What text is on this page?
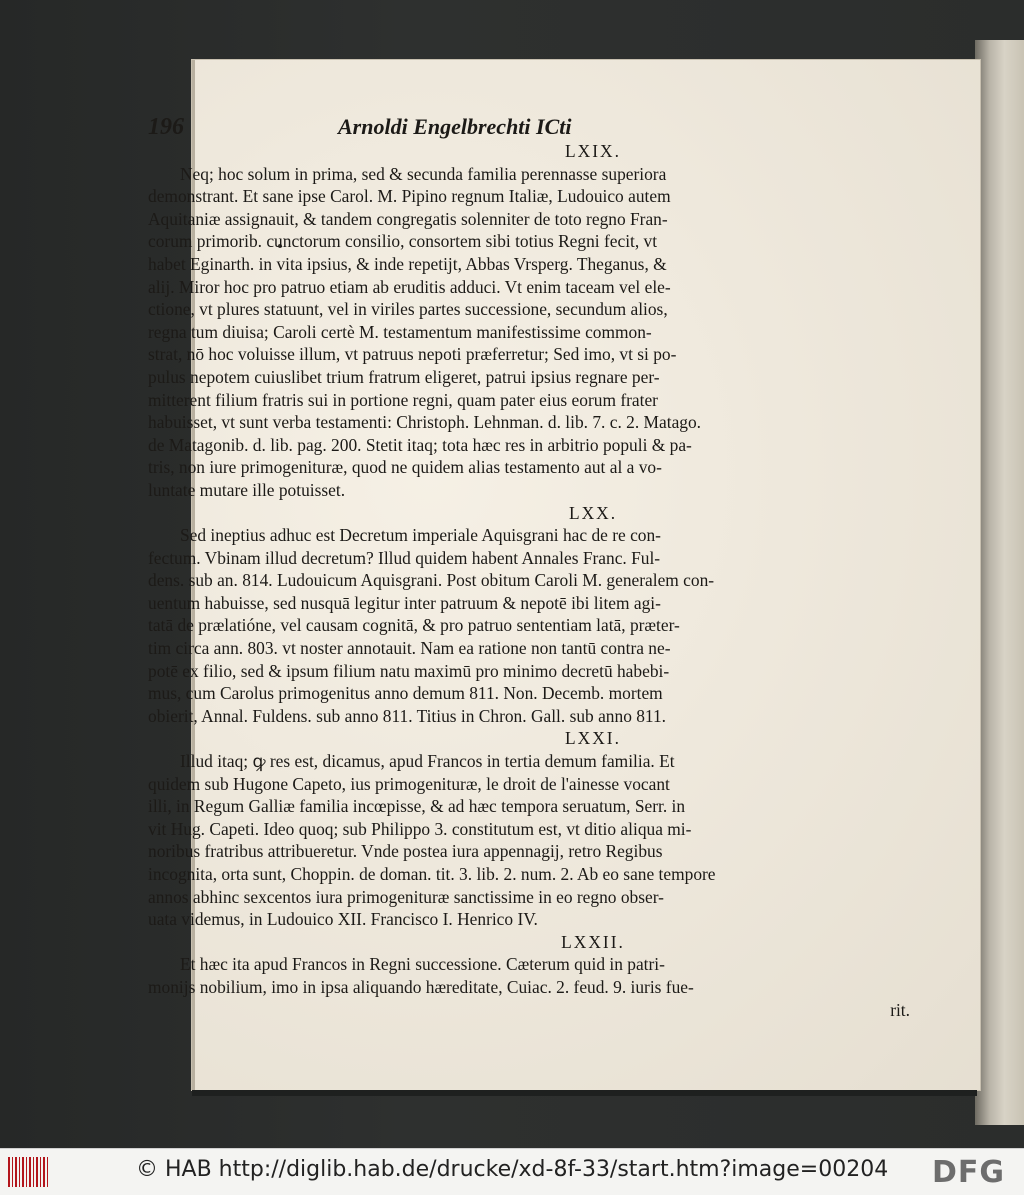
196	Arnoldi Engelbrechti ICti
LXIX.
Neq; hoc solum in prima, sed & secunda familia perennasse superiora
demonstrant. Et sane ipse Carol. M. Pipino regnum Italiæ, Ludouico autem
Aquitaniæ assignauit, & tandem congregatis solenniter de toto regno Fran-
corum primorib. cunctorum consilio, consortem sibi totius Regni fecit, vt
habet Eginarth. in vita ipsius, & inde repetijt, Abbas Vrsperg. Theganus, &
alij. Miror hoc pro patruo etiam ab eruditis adduci. Vt enim taceam vel ele-
ctione, vt plures statuunt, vel in viriles partes successione, secundum alios,
regna tum diuisa; Caroli certè M. testamentum manifestissime common-
strat, nō hoc voluisse illum, vt patruus nepoti præferretur; Sed imo, vt si po-
pulus nepotem cuiuslibet trium fratrum eligeret, patrui ipsius regnare per-
mitterent filium fratris sui in portione regni, quam pater eius eorum frater
habuisset, vt sunt verba testamenti: Christoph. Lehnman. d. lib. 7. c. 2. Matago.
de Matagonib. d. lib. pag. 200. Stetit itaq; tota hæc res in arbitrio populi & pa-
tris, non iure primogenituræ, quod ne quidem alias testamento aut al a vo-
luntate mutare ille potuisset.
LXX.
Sed ineptius adhuc est Decretum imperiale Aquisgrani hac de re con-
fectum. Vbinam illud decretum? Illud quidem habent Annales Franc. Ful-
dens. sub an. 814. Ludouicum Aquisgrani. Post obitum Caroli M. generalem con-
uentum habuisse, sed nusquā legitur inter patruum & nepotē ibi litem agi-
tatā de prælatióne, vel causam cognitā, & pro patruo sententiam latā, præter-
tim circa ann. 803. vt noster annotauit. Nam ea ratione non tantū contra ne-
potē ex filio, sed & ipsum filium natu maximū pro minimo decretū habebi-
mus, cum Carolus primogenitus anno demum 811. Non. Decemb. mortem
obierit, Annal. Fuldens. sub anno 811. Titius in Chron. Gall. sub anno 811.
LXXI.
Illud itaq; ꝙ res est, dicamus, apud Francos in tertia demum familia. Et
quidem sub Hugone Capeto, ius primogenituræ, le droit de l'ainesse vocant
illi, in Regum Galliæ familia incœpisse, & ad hæc tempora seruatum, Serr. in
vit Hug. Capeti. Ideo quoq; sub Philippo 3. constitutum est, vt ditio aliqua mi-
noribus fratribus attribueretur. Vnde postea iura appennagij, retro Regibus
incognita, orta sunt, Choppin. de doman. tit. 3. lib. 2. num. 2. Ab eo sane tempore
annos abhinc sexcentos iura primogenituræ sanctissime in eo regno obser-
uata videmus, in Ludouico XII. Francisco I. Henrico IV.
LXXII.
Et hæc ita apud Francos in Regni successione. Cæterum quid in patri-
monijs nobilium, imo in ipsa aliquando hæreditate, Cuiac. 2. feud. 9. iuris fue-
rit.
© HAB http://diglib.hab.de/drucke/xd-8f-33/start.htm?image=00204 DFG
